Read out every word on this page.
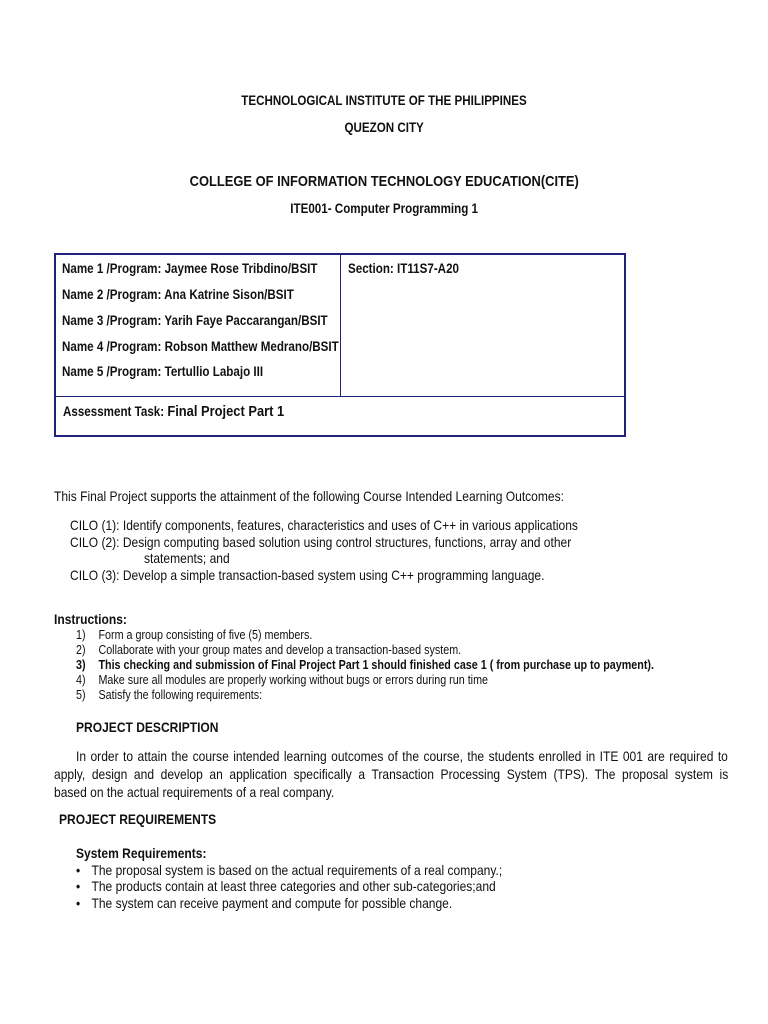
TECHNOLOGICAL INSTITUTE OF THE PHILIPPINES
QUEZON CITY
COLLEGE OF INFORMATION TECHNOLOGY EDUCATION(CITE)
ITE001- Computer Programming 1
Name 1 /Program: Jaymee Rose Tribdino/BSIT
Name 2 /Program: Ana Katrine Sison/BSIT
Name 3 /Program: Yarih Faye Paccarangan/BSIT
Name 4 /Program: Robson Matthew Medrano/BSIT
Name 5 /Program: Tertullio Labajo III
Section: IT11S7-A20
Assessment Task: Final Project Part 1
This Final Project supports the attainment of the following Course Intended Learning Outcomes:
CILO (1): Identify components, features, characteristics and uses of C++ in various applications
CILO (2): Design computing based solution using control structures, functions, array and other
statements; and
CILO (3): Develop a simple transaction-based system using C++ programming language.
Instructions:
1) Form a group consisting of five (5) members.
2) Collaborate with your group mates and develop a transaction-based system.
3) This checking and submission of Final Project Part 1 should finished case 1 ( from purchase up to payment).
4) Make sure all modules are properly working without bugs or errors during run time
5) Satisfy the following requirements:
PROJECT DESCRIPTION
In order to attain the course intended learning outcomes of the course, the students enrolled in ITE 001 are required to
apply, design and develop an application specifically a Transaction Processing System (TPS). The proposal system is
based on the actual requirements of a real company.
PROJECT REQUIREMENTS
System Requirements:
• The proposal system is based on the actual requirements of a real company.;
• The products contain at least three categories and other sub-categories;and
• The system can receive payment and compute for possible change.
